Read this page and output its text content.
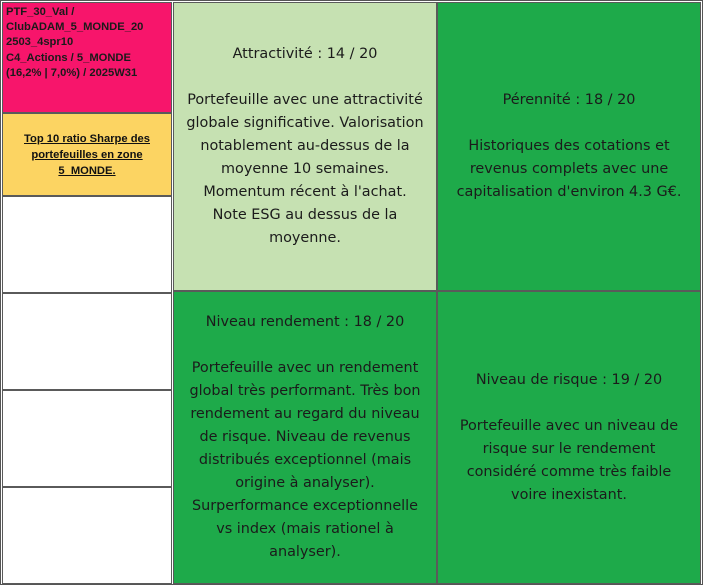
PTF_30_Val /
ClubADAM_5_MONDE_20
2503_4spr10
C4_Actions / 5_MONDE
(16,2% | 7,0%) / 2025W31
Top 10 ratio Sharpe des
portefeuilles en zone
5_MONDE.
Attractivité : 14 / 20
Portefeuille avec une attractivité
globale significative. Valorisation
notablement au-dessus de la
moyenne 10 semaines.
Momentum récent à l'achat.
Note ESG au dessus de la
moyenne.
Pérennité : 18 / 20
Historiques des cotations et
revenus complets avec une
capitalisation d'environ 4.3 G€.
Niveau rendement : 18 / 20
Portefeuille avec un rendement
global très performant. Très bon
rendement au regard du niveau
de risque. Niveau de revenus
distribués exceptionnel (mais
origine à analyser).
Surperformance exceptionnelle
vs index (mais rationel à
analyser).
Niveau de risque : 19 / 20
Portefeuille avec un niveau de
risque sur le rendement
considéré comme très faible
voire inexistant.
